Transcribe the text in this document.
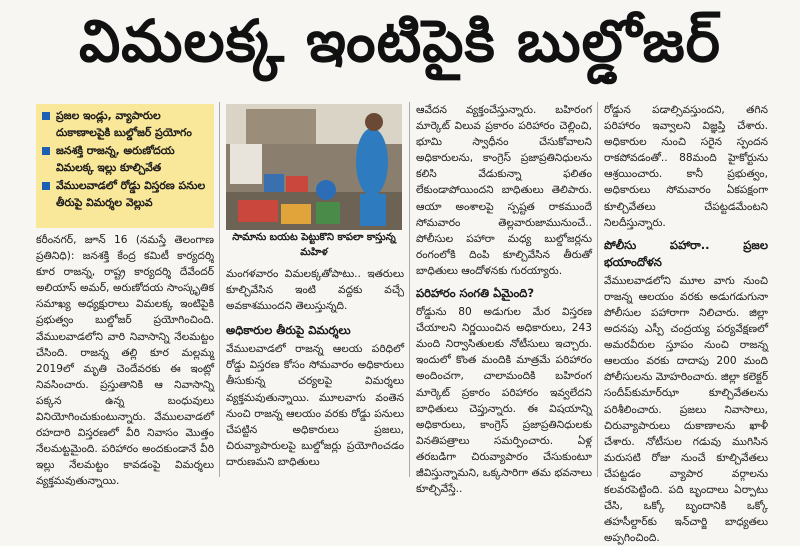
విమలక్క ఇంటిపైకి బుల్డోజర్
ప్రజల ఇండ్లు, వ్యాపారుల దుకాణాలపైకి బుల్డోజర్ ప్రయోగం
జనశక్తి రాజన్న, అరుణోదయ విమలక్క ఇల్లు కూల్చివేత
వేములవాడలో రోడ్డు విస్తరణ పనుల తీరుపై విమర్శల వెల్లువ
సామాను బయట పెట్టుకొని కాపలా కాస్తున్న మహిళ

కరీంనగర్, జూన్ 16 (నమస్తే తెలంగాణ ప్రతినిధి): జనశక్తి కేంద్ర కమిటీ కార్యదర్శి కూర రాజన్న, రాష్ట్ర కార్యదర్శి దేవేందర్ అలియాస్ అమర్, అరుణోదయ సాంస్కృతిక సమాఖ్య అధ్యక్షురాలు విమలక్క ఇంటిపైకి ప్రభుత్వం బుల్డోజర్ ప్రయోగించింది. వేములవాడలోని వారి నివాసాన్ని నేలమట్టం చేసింది. రాజన్న తల్లి కూర మల్లమ్మ 2019లో మృతి చెందేవరకు ఈ ఇంట్లో నివసించారు. ప్రస్తుతానికి ఆ నివాసాన్ని పక్కన ఉన్న బంధువులు వినియోగించుకుంటున్నారు. వేములవాడలో రహదారి విస్తరణలో వీరి నివాసం మొత్తం నేలమట్టమైంది. పరిహారం అందకుండానే వీరి ఇల్లు నేలమట్టం కావడంపై విమర్శలు వ్యక్తమవుతున్నాయి.

మంగళవారం విమలక్కతోపాటు.. ఇతరులు కూల్చివేసిన ఇంటి వద్దకు వచ్చే అవకాశముందని తెలుస్తున్నది.

అధికారుల తీరుపై విమర్శలు

వేములవాడలో రాజన్న ఆలయ పరిధిలో రోడ్డు విస్తరణ కోసం సోమవారం అధికారులు తీసుకున్న చర్యలపై విమర్శలు వ్యక్తమవుతున్నాయి. మూలవాగు వంతెన నుంచి రాజన్న ఆలయం వరకు రోడ్డు పనులు చేపట్టిన అధికారులు ప్రజలు, చిరువ్యాపారులపై బుల్డోజర్లు ప్రయోగించడం దారుణమని బాధితులు

ఆవేదన వ్యక్తంచేస్తున్నారు. బహిరంగ మార్కెట్ విలువ ప్రకారం పరిహారం చెల్లించి, భూమి స్వాధీనం చేసుకోవాలని అధికారులను, కాంగ్రెస్ ప్రజాప్రతినిధులను కలిసి వేడుకున్నా ఫలితం లేకుండాపోయిందని బాధితులు తెలిపారు. ఆయా అంశాలపై స్పష్టత రాకముందే సోమవారం తెల్లవారుజామునుంచే.. పోలీసుల పహారా మధ్య బుల్డోజర్లను రంగంలోకి దింపి కూల్చివేసిన తీరుతో బాధితులు ఆందోళనకు గురయ్యారు.

పరిహారం సంగతి ఏమైంది?

రోడ్డును 80 అడుగుల మేర విస్తరణ చేయాలని నిర్ణయించిన అధికారులు, 243 మంది నిర్వాసితులకు నోటీసులు ఇచ్చారు. ఇందులో కొంత మందికి మాత్రమే పరిహారం అందించగా, చాలామందికి బహిరంగ మార్కెట్ ప్రకారం పరిహారం ఇవ్వలేదని బాధితులు చెప్తున్నారు. ఈ విషయాన్ని అధికారులు, కాంగ్రెస్ ప్రజాప్రతినిధులకు వినతిపత్రాలు సమర్పించారు. ఏళ్ల తరబడిగా చిరువ్యాపారం చేసుకుంటూ జీవిస్తున్నామని, ఒక్కసారిగా తమ భవనాలు కూల్చివేస్తే..

రోడ్డున పడాల్సివస్తుందని, తగిన పరిహారం ఇవ్వాలని విజ్ఞప్తి చేశారు. అధికారుల నుంచి సరైన స్పందన రాకపోవడంతో.. 88మంది హైకోర్టును ఆశ్రయించారు. కానీ ప్రభుత్వం, అధికారులు సోమవారం ఏకపక్షంగా కూల్చివేతలు చేపట్టడమేంటని నిలదీస్తున్నారు.

పోలీసు పహారా.. ప్రజల భయాందోళన

వేములవాడలోని మూల వాగు నుంచి రాజన్న ఆలయం వరకు అడుగడుగునా పోలీసుల పహారాగా నిలిచారు. జిల్లా అదనపు ఎస్పీ చంద్రయ్య పర్యవేక్షణలో అమరవీరుల స్తూపం నుంచి రాజన్న ఆలయం వరకు దాదాపు 200 మంది పోలీసులను మోహరించారు. జిల్లా కలెక్టర్ సందీప్‌కుమార్‌ఝా కూల్చివేతలను పరిశీలించారు. ప్రజలు నివాసాలు, చిరువ్యాపారులు దుకాణాలను ఖాళీ చేశారు. నోటీసుల గడువు ముగిసిన మరుసటి రోజు నుంచే కూల్చివేతలు చేపట్టడం వ్యాపార వర్గాలను కలవరపెట్టింది. పది బృందాలు ఏర్పాటు చేసి, ఒక్కో బృందానికి ఒక్కో తహసీల్దార్‌కు ఇన్‌చార్జి బాధ్యతలు అప్పగించింది.
